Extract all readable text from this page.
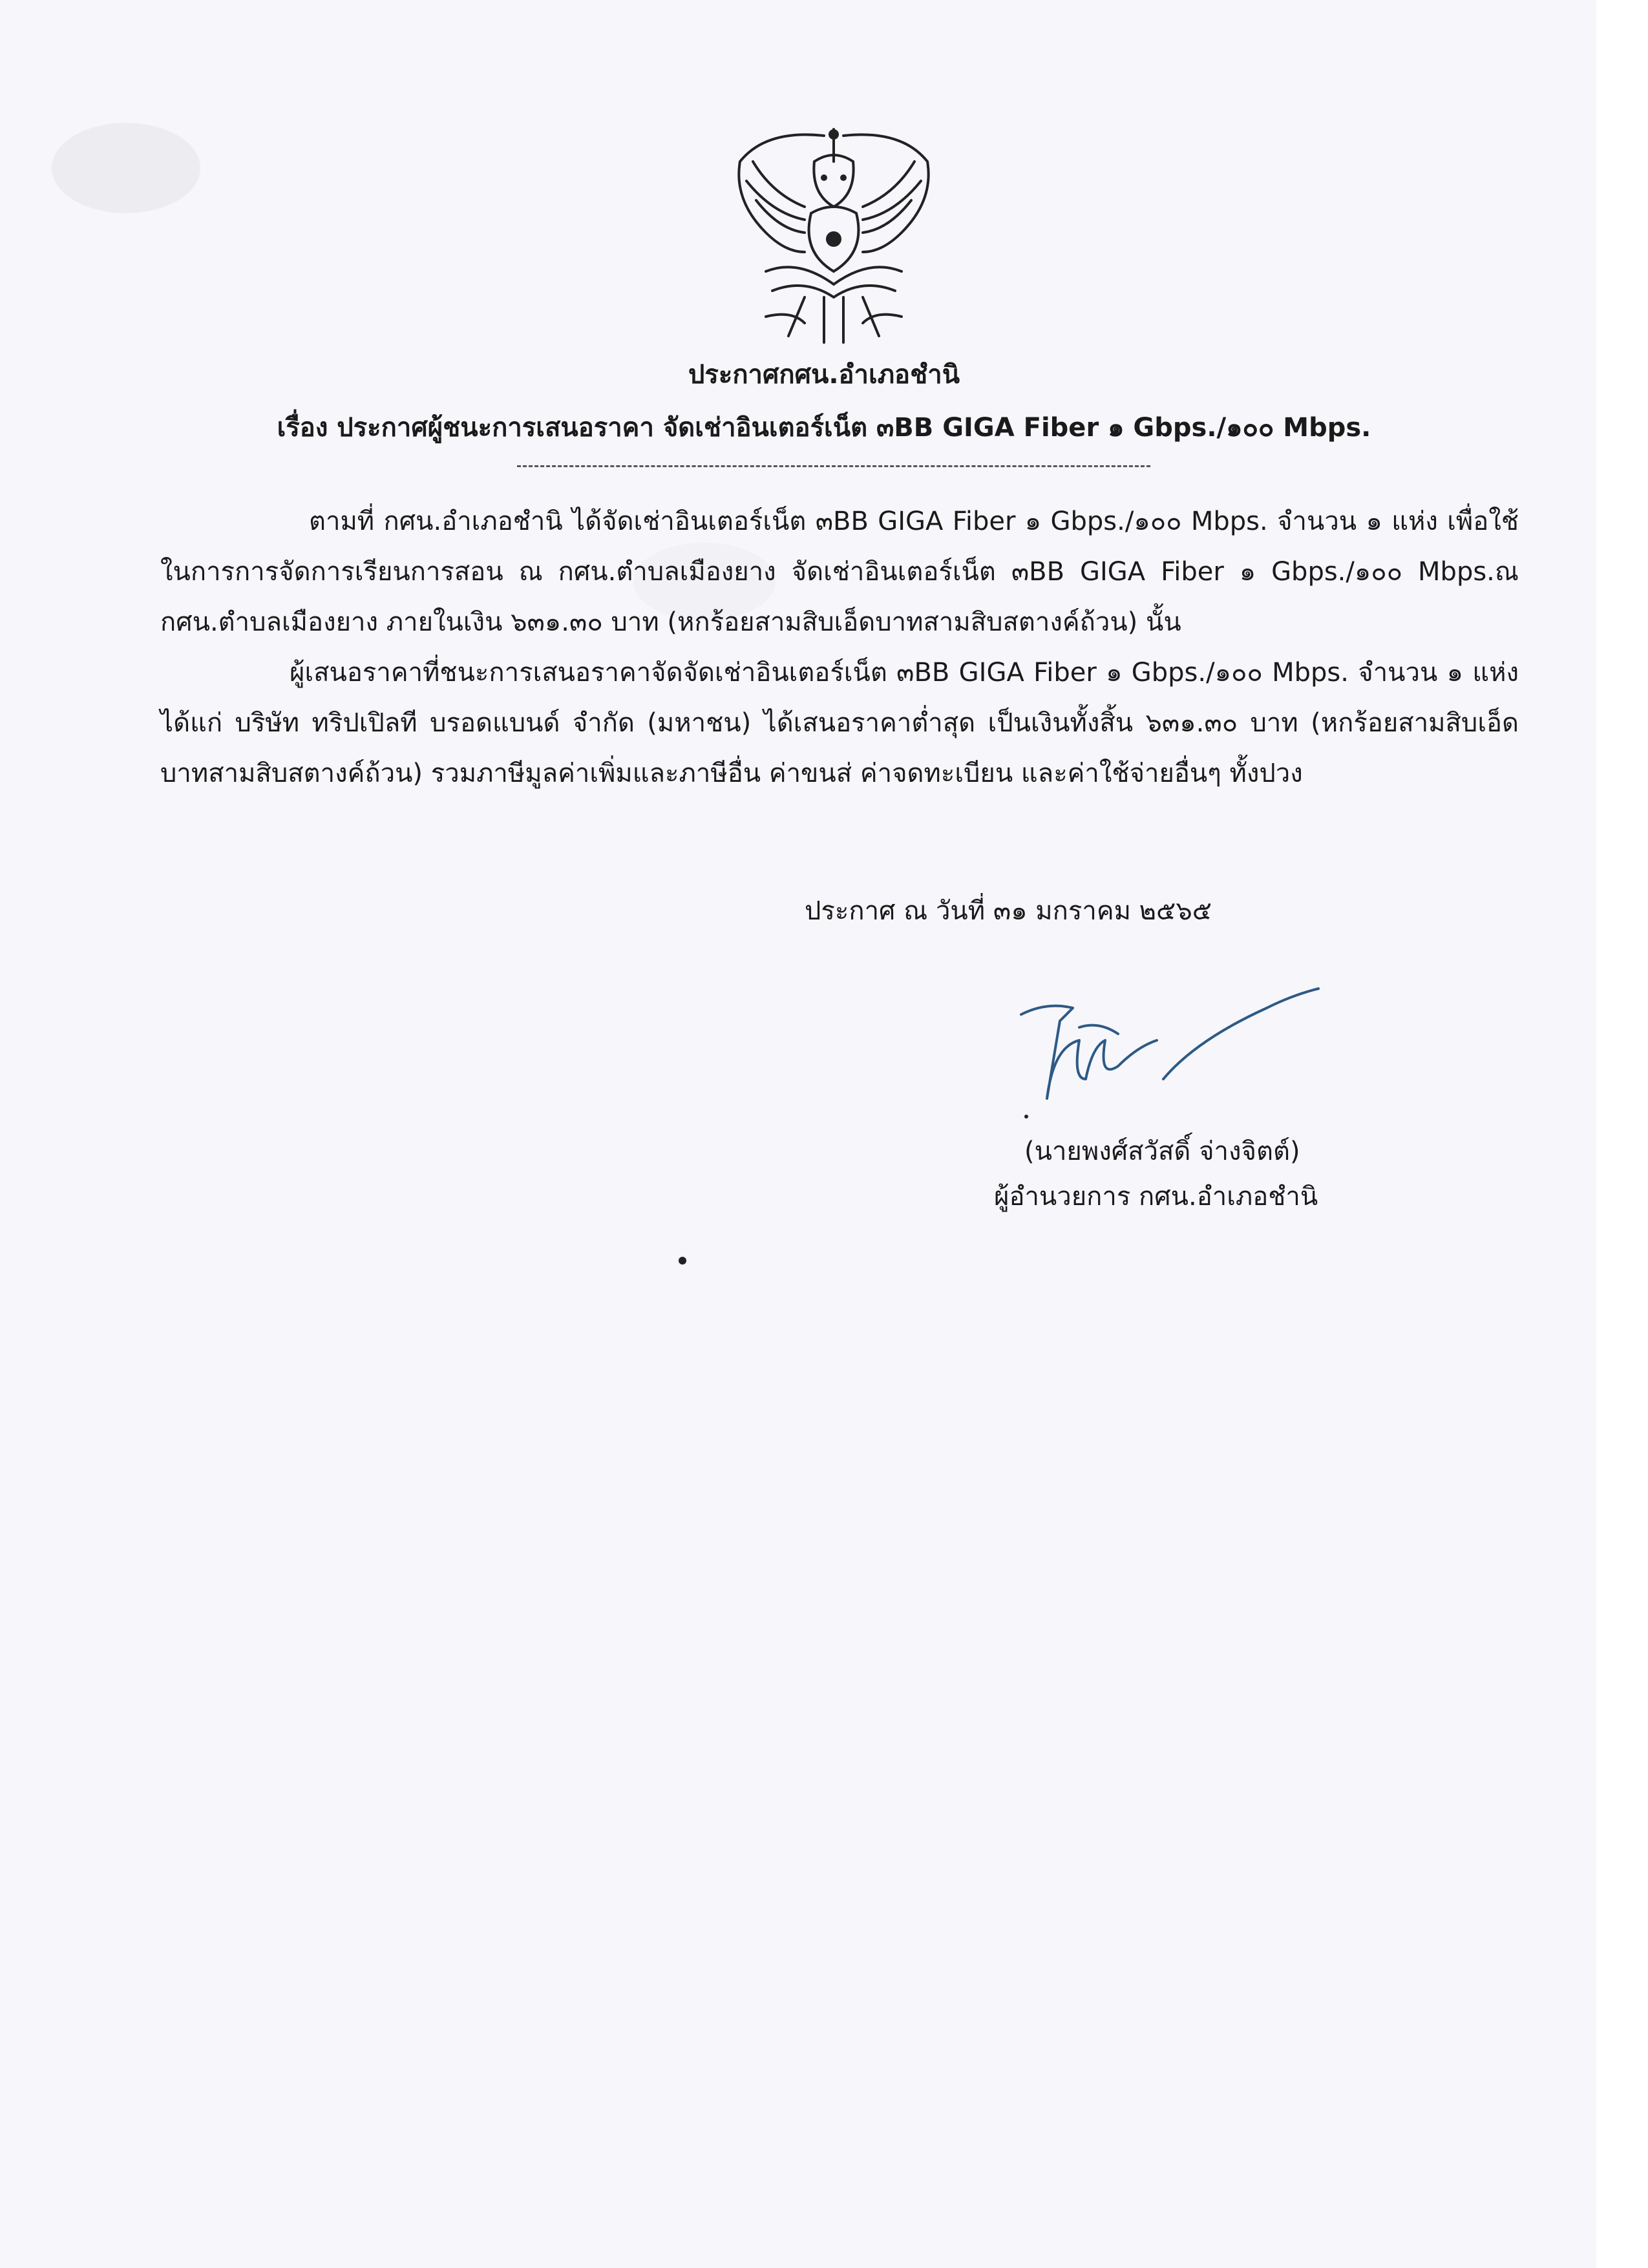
ประกาศกศน.อำเภอชำนิ
เรื่อง ประกาศผู้ชนะการเสนอราคา จัดเช่าอินเตอร์เน็ต ๓BB GIGA Fiber ๑ Gbps./๑๐๐ Mbps.
ตามที่ กศน.อำเภอชำนิ ได้จัดเช่าอินเตอร์เน็ต ๓BB GIGA Fiber ๑ Gbps./๑๐๐ Mbps. จำนวน ๑ แห่ง เพื่อใช้ในการการจัดการเรียนการสอน ณ กศน.ตำบลเมืองยาง จัดเช่าอินเตอร์เน็ต ๓BB GIGA Fiber ๑ Gbps./๑๐๐ Mbps.ณ กศน.ตำบลเมืองยาง ภายในเงิน ๖๓๑.๓๐ บาท (หกร้อยสามสิบเอ็ดบาทสามสิบสตางค์ถ้วน) นั้น
ผู้เสนอราคาที่ชนะการเสนอราคาจัดจัดเช่าอินเตอร์เน็ต ๓BB GIGA Fiber ๑ Gbps./๑๐๐ Mbps. จำนวน ๑ แห่ง ได้แก่ บริษัท ทริปเปิลที บรอดแบนด์ จำกัด (มหาชน) ได้เสนอราคาต่ำสุด เป็นเงินทั้งสิ้น ๖๓๑.๓๐ บาท (หกร้อยสามสิบเอ็ดบาทสามสิบสตางค์ถ้วน) รวมภาษีมูลค่าเพิ่มและภาษีอื่น ค่าขนส่ ค่าจดทะเบียน และค่าใช้จ่ายอื่นๆ ทั้งปวง
ประกาศ ณ วันที่ ๓๑ มกราคม ๒๕๖๕
(นายพงศ์สวัสดิ์ จ่างจิตต์)
ผู้อำนวยการ กศน.อำเภอชำนิ
